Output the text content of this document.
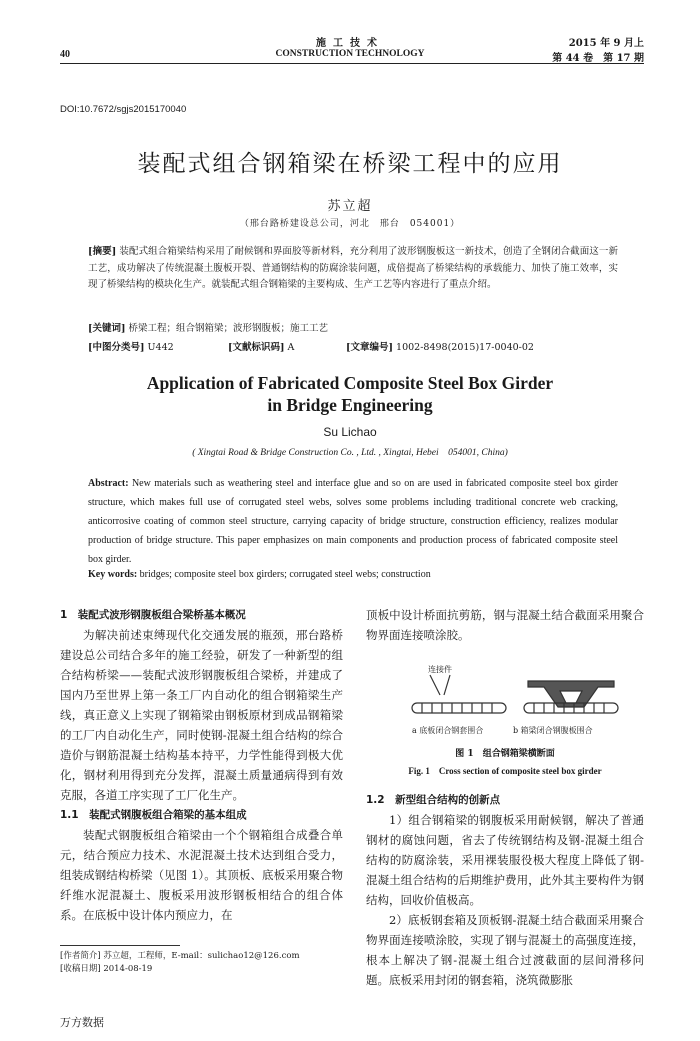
施工技术
CONSTRUCTION TECHNOLOGY
2015 年 9 月上
第 44 卷　第 17 期
40
DOI:10.7672/sgjs2015170040
装配式组合钢箱梁在桥梁工程中的应用
苏立超
（邢台路桥建设总公司，河北　邢台　054001）
[摘要] 装配式组合箱梁结构采用了耐候钢和界面胶等新材料，充分利用了波形钢腹板这一新技术，创造了全钢闭合截面这一新工艺，成功解决了传统混凝土腹板开裂、普通钢结构的防腐涂装问题，成倍提高了桥梁结构的承载能力、加快了施工效率，实现了桥梁结构的模块化生产。就装配式组合钢箱梁的主要构成、生产工艺等内容进行了重点介绍。
[关键词] 桥梁工程；组合钢箱梁；波形钢腹板；施工工艺
[中图分类号] U442	[文献标识码] A	[文章编号] 1002-8498(2015)17-0040-02
Application of Fabricated Composite Steel Box Girder
in Bridge Engineering
Su Lichao
( Xingtai Road & Bridge Construction Co. , Ltd. , Xingtai, Hebei　054001, China)
Abstract: New materials such as weathering steel and interface glue and so on are used in fabricated composite steel box girder structure, which makes full use of corrugated steel webs, solves some problems including traditional concrete web cracking, anticorrosive coating of common steel structure, carrying capacity of bridge structure, construction efficiency, realizes modular production of bridge structure. This paper emphasizes on main components and production process of fabricated composite steel box girder.
Key words: bridges; composite steel box girders; corrugated steel webs; construction

1　装配式波形钢腹板组合梁桥基本概况

为解决前述束缚现代化交通发展的瓶颈，邢台路桥建设总公司结合多年的施工经验，研发了一种新型的组合结构桥梁——装配式波形钢腹板组合梁桥，并建成了国内乃至世界上第一条工厂内自动化的组合钢箱梁生产线，真正意义上实现了钢箱梁由钢板原材到成品钢箱梁的工厂内自动化生产，同时使钢-混凝土组合结构的综合造价与钢筋混凝土结构基本持平，力学性能得到极大优化，钢材利用得到充分发挥，混凝土质量通病得到有效克服，各道工序实现了工厂化生产。

1.1　装配式钢腹板组合箱梁的基本组成

装配式钢腹板组合箱梁由一个个钢箱组合成叠合单元，结合预应力技术、水泥混凝土技术达到组合受力，组装成钢结构桥梁（见图 1）。其顶板、底板采用聚合物纤维水泥混凝土、腹板采用波形钢板相结合的组合体系。在底板中设计体内预应力，在

顶板中设计桥面抗剪筋，钢与混凝土结合截面采用聚合物界面连接喷涂胶。

连接件
a 底板闭合钢套围合	b 箱梁闭合钢腹板围合
图 1　组合钢箱梁横断面
Fig. 1　Cross section of composite steel box girder

1.2　新型组合结构的创新点

1）组合钢箱梁的钢腹板采用耐候钢，解决了普通钢材的腐蚀问题，省去了传统钢结构及钢-混凝土组合结构的防腐涂装，采用裸装服役极大程度上降低了钢-混凝土组合结构的后期维护费用，此外其主要构件为钢结构，回收价值极高。

2）底板钢套箱及顶板钢-混凝土结合截面采用聚合物界面连接喷涂胶，实现了钢与混凝土的高强度连接，根本上解决了钢-混凝土组合过渡截面的层间滑移问题。底板采用封闭的钢套箱，浇筑微膨胀

[作者简介] 苏立超，工程师，E-mail：sulichao12@126.com
[收稿日期] 2014-08-19
万方数据
